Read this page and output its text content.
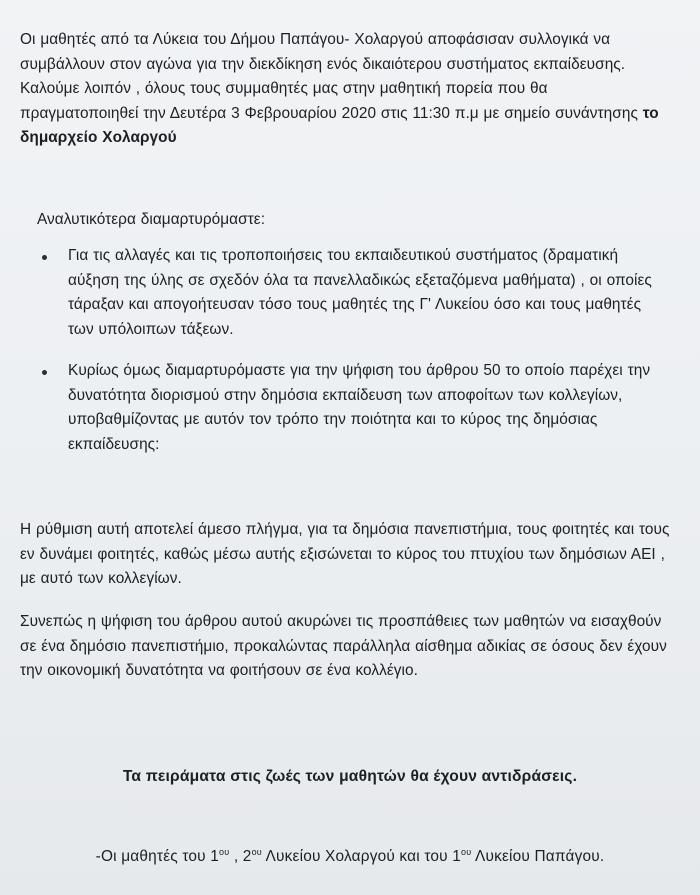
Οι μαθητές από τα Λύκεια του Δήμου Παπάγου- Χολαργού αποφάσισαν συλλογικά να συμβάλλουν στον αγώνα για την διεκδίκηση ενός δικαιότερου συστήματος εκπαίδευσης. Καλούμε λοιπόν , όλους τους συμμαθητές μας στην μαθητική πορεία που θα πραγματοποιηθεί την Δευτέρα 3 Φεβρουαρίου 2020 στις 11:30 π.μ με σημείο συνάντησης το δημαρχείο Χολαργού

Αναλυτικότερα διαμαρτυρόμαστε:

Για τις αλλαγές και τις τροποποιήσεις του εκπαιδευτικού συστήματος (δραματική αύξηση της ύλης σε σχεδόν όλα τα πανελλαδικώς εξεταζόμενα μαθήματα) , οι οποίες τάραξαν και απογοήτευσαν τόσο τους μαθητές της Γ' Λυκείου όσο και τους μαθητές των υπόλοιπων τάξεων.
Κυρίως όμως διαμαρτυρόμαστε για την ψήφιση του άρθρου 50 το οποίο παρέχει την δυνατότητα διορισμού στην δημόσια εκπαίδευση των αποφοίτων των κολλεγίων, υποβαθμίζοντας με αυτόν τον τρόπο την ποιότητα και το κύρος της δημόσιας εκπαίδευσης:

Η ρύθμιση αυτή αποτελεί άμεσο πλήγμα, για τα δημόσια πανεπιστήμια, τους φοιτητές και τους εν δυνάμει φοιτητές, καθώς μέσω αυτής εξισώνεται το κύρος του πτυχίου των δημόσιων ΑΕΙ , με αυτό των κολλεγίων.

Συνεπώς η ψήφιση του άρθρου αυτού ακυρώνει τις προσπάθειες των μαθητών να εισαχθούν σε ένα δημόσιο πανεπιστήμιο, προκαλώντας παράλληλα αίσθημα αδικίας σε όσους δεν έχουν την οικονομική δυνατότητα να φοιτήσουν σε ένα κολλέγιο.

Τα πειράματα στις ζωές των μαθητών θα έχουν αντιδράσεις.

-Οι μαθητές του $1^{o\upsilon}$ , $2^{o\upsilon}$ Λυκείου Χολαργού και του $1^{o\upsilon}$ Λυκείου Παπάγου.
